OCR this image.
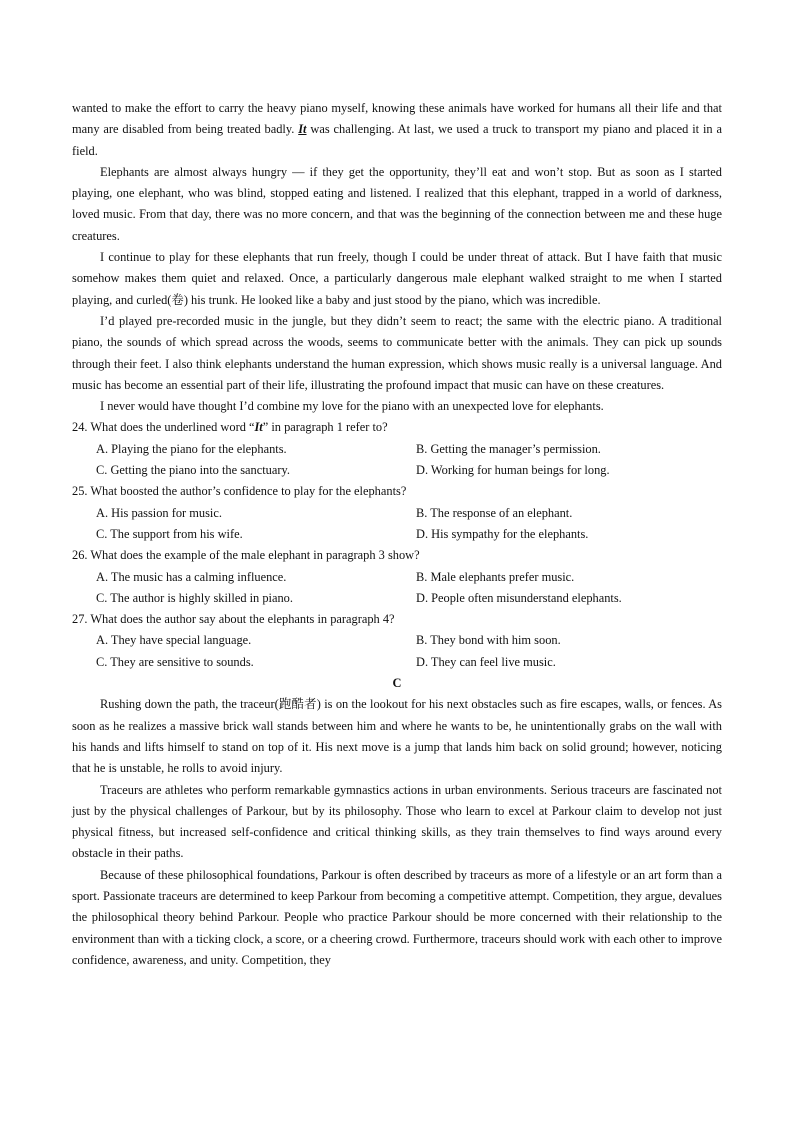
wanted to make the effort to carry the heavy piano myself, knowing these animals have worked for humans all their life and that many are disabled from being treated badly. It was challenging. At last, we used a truck to transport my piano and placed it in a field.

Elephants are almost always hungry — if they get the opportunity, they’ll eat and won’t stop. But as soon as I started playing, one elephant, who was blind, stopped eating and listened. I realized that this elephant, trapped in a world of darkness, loved music. From that day, there was no more concern, and that was the beginning of the connection between me and these huge creatures.

I continue to play for these elephants that run freely, though I could be under threat of attack. But I have faith that music somehow makes them quiet and relaxed. Once, a particularly dangerous male elephant walked straight to me when I started playing, and curled(卷) his trunk. He looked like a baby and just stood by the piano, which was incredible.

I’d played pre-recorded music in the jungle, but they didn’t seem to react; the same with the electric piano. A traditional piano, the sounds of which spread across the woods, seems to communicate better with the animals. They can pick up sounds through their feet. I also think elephants understand the human expression, which shows music really is a universal language. And music has become an essential part of their life, illustrating the profound impact that music can have on these creatures.

I never would have thought I’d combine my love for the piano with an unexpected love for elephants.

24. What does the underlined word “It” in paragraph 1 refer to?

A. Playing the piano for the elephants.	B. Getting the manager’s permission.
C. Getting the piano into the sanctuary.	D. Working for human beings for long.

25. What boosted the author’s confidence to play for the elephants?

A. His passion for music.	B. The response of an elephant.
C. The support from his wife.	D. His sympathy for the elephants.

26. What does the example of the male elephant in paragraph 3 show?

A. The music has a calming influence.	B. Male elephants prefer music.
C. The author is highly skilled in piano.	D. People often misunderstand elephants.

27. What does the author say about the elephants in paragraph 4?

A. They have special language.	B. They bond with him soon.
C. They are sensitive to sounds.	D. They can feel live music.

C

Rushing down the path, the traceur(跑酷者) is on the lookout for his next obstacles such as fire escapes, walls, or fences. As soon as he realizes a massive brick wall stands between him and where he wants to be, he unintentionally grabs on the wall with his hands and lifts himself to stand on top of it. His next move is a jump that lands him back on solid ground; however, noticing that he is unstable, he rolls to avoid injury.

Traceurs are athletes who perform remarkable gymnastics actions in urban environments. Serious traceurs are fascinated not just by the physical challenges of Parkour, but by its philosophy. Those who learn to excel at Parkour claim to develop not just physical fitness, but increased self-confidence and critical thinking skills, as they train themselves to find ways around every obstacle in their paths.

Because of these philosophical foundations, Parkour is often described by traceurs as more of a lifestyle or an art form than a sport. Passionate traceurs are determined to keep Parkour from becoming a competitive attempt. Competition, they argue, devalues the philosophical theory behind Parkour. People who practice Parkour should be more concerned with their relationship to the environment than with a ticking clock, a score, or a cheering crowd. Furthermore, traceurs should work with each other to improve confidence, awareness, and unity. Competition, they
